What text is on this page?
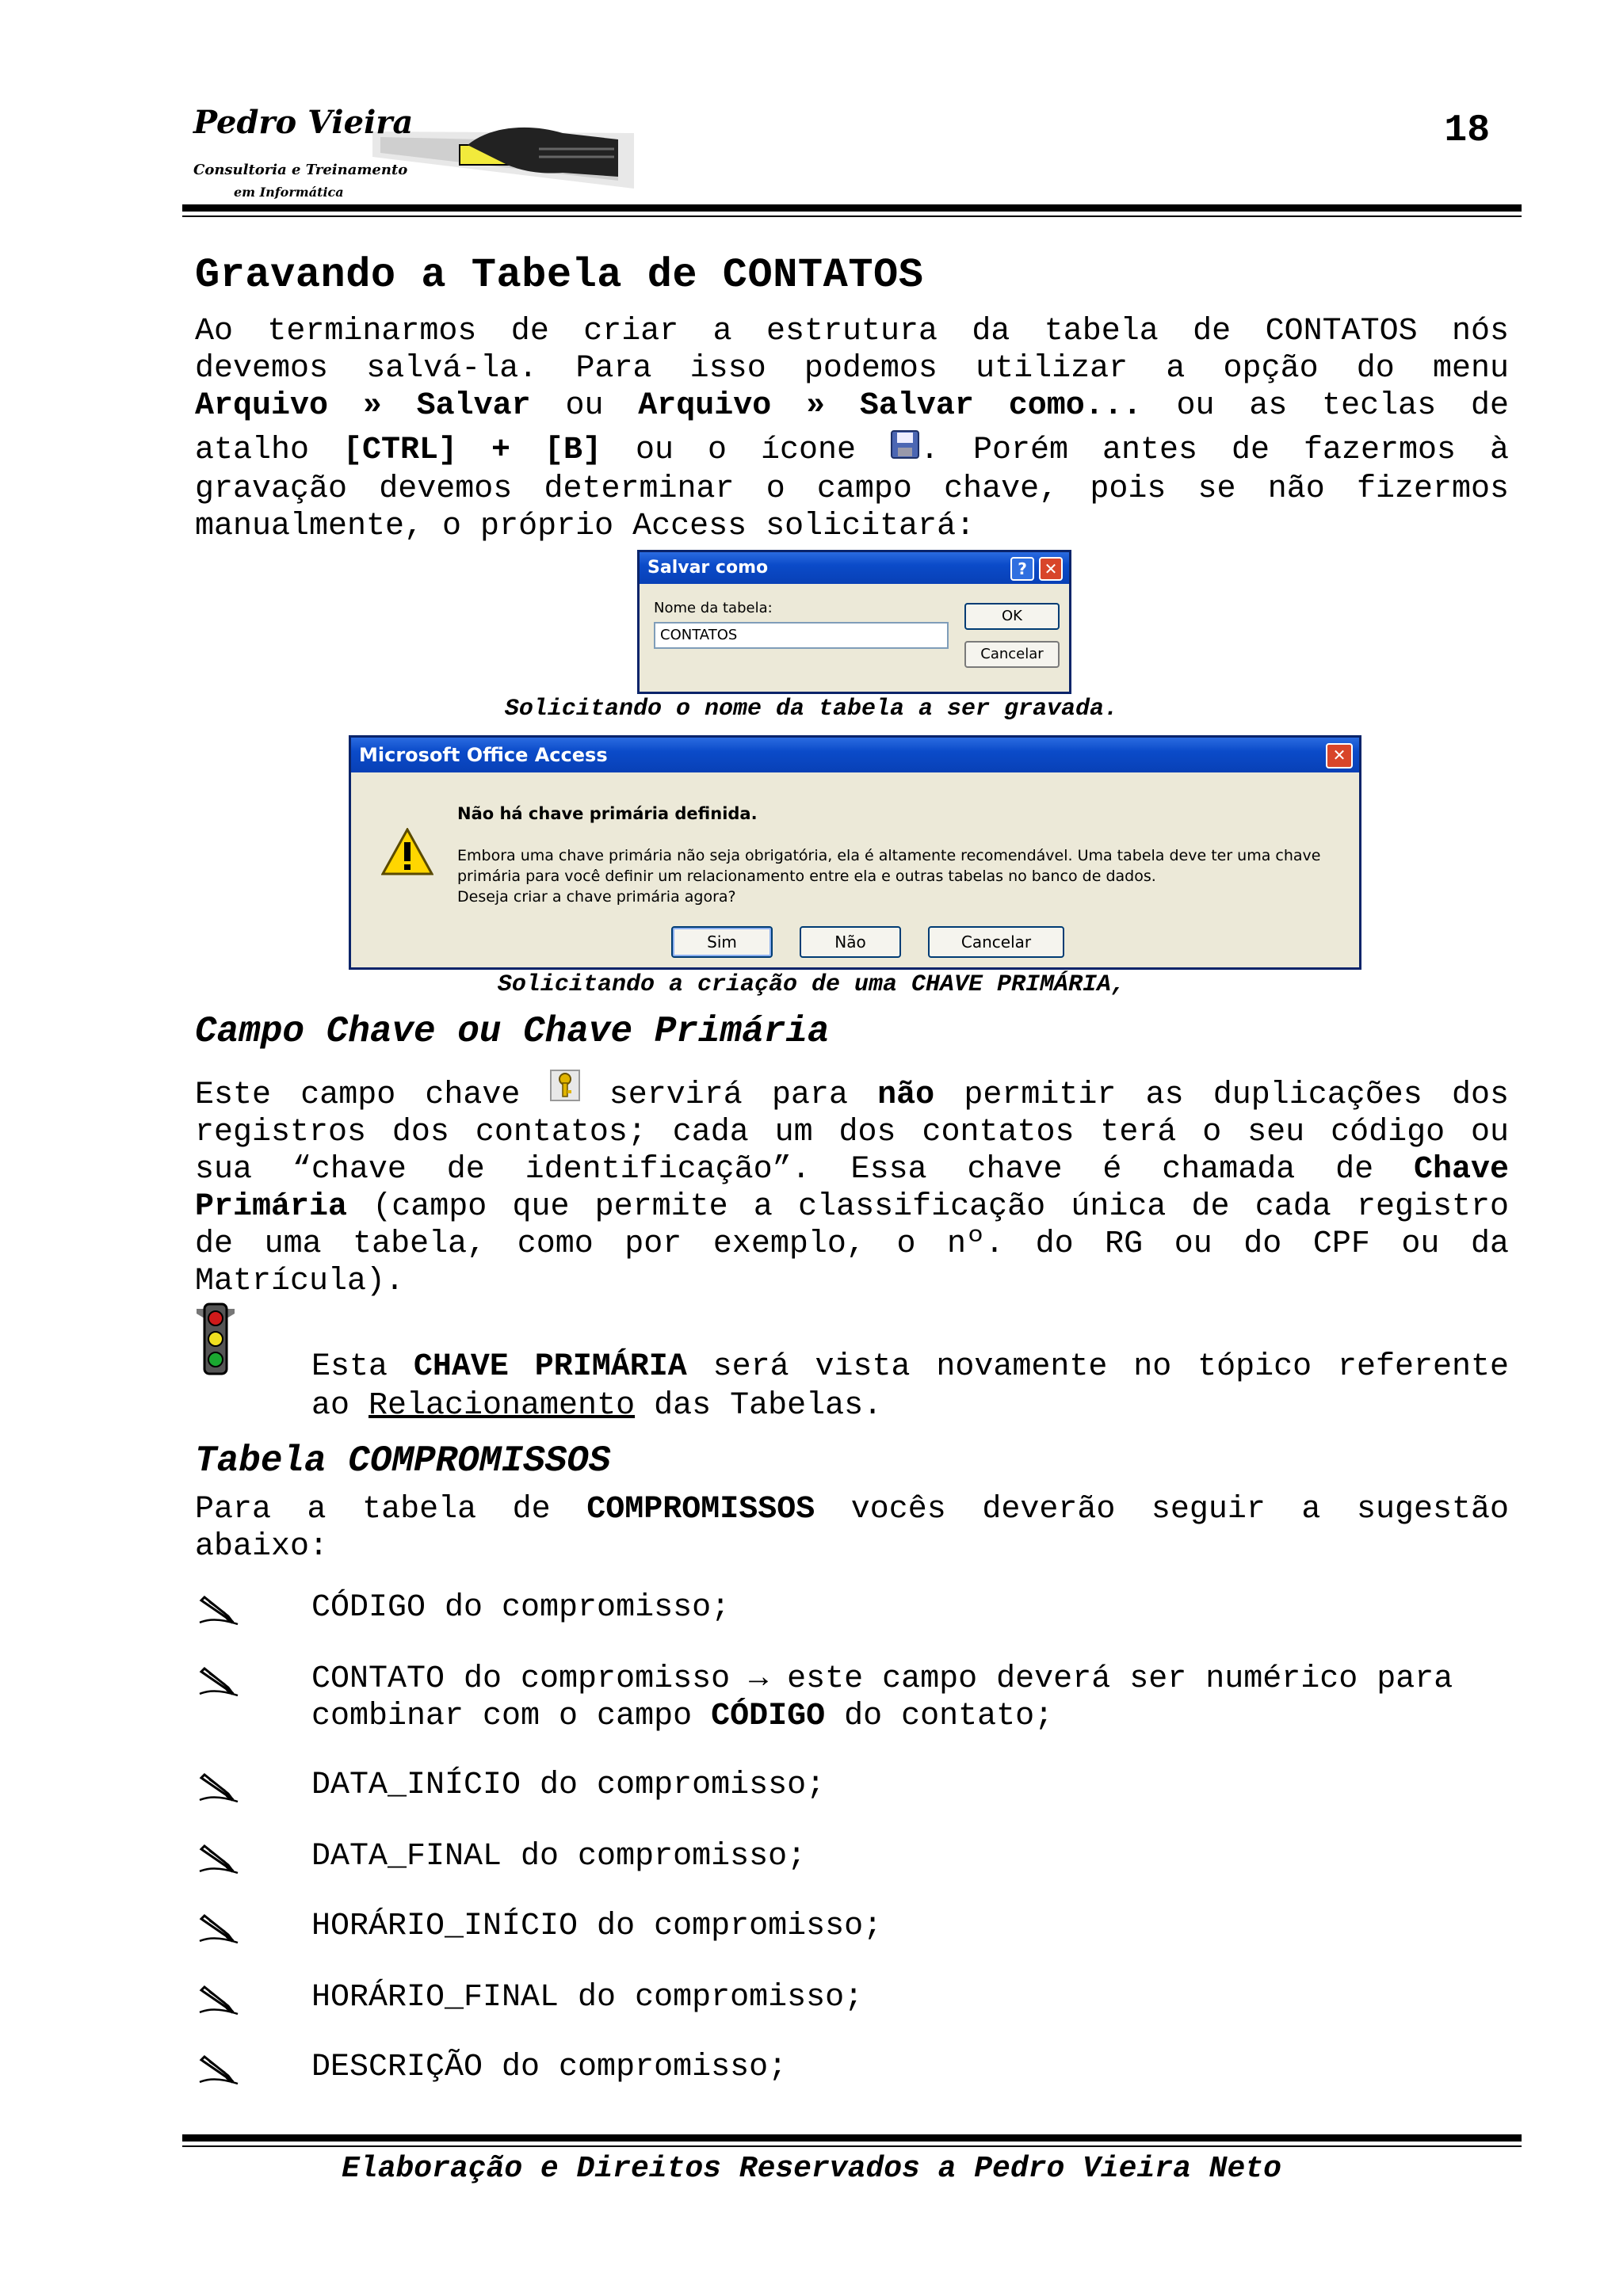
Pedro Vieira
Consultoria e Treinamento
em Informática
18
Gravando a Tabela de CONTATOS
Ao terminarmos de criar a estrutura da tabela de CONTATOS nós
devemos salvá-la. Para isso podemos utilizar a opção do menu
Arquivo » Salvar ou Arquivo » Salvar como... ou as teclas de
atalho [CTRL] + [B] ou o ícone . Porém antes de fazermos à
gravação devemos determinar o campo chave, pois se não fizermos
manualmente, o próprio Access solicitará:
Salvar como	?	✕
Nome da tabela:
CONTATOS
OK
Cancelar
Solicitando o nome da tabela a ser gravada.
Microsoft Office Access	✕
Não há chave primária definida.
Embora uma chave primária não seja obrigatória, ela é altamente recomendável. Uma tabela deve ter uma chave
primária para você definir um relacionamento entre ela e outras tabelas no banco de dados.
Deseja criar a chave primária agora?
Sim	Não	Cancelar
Solicitando a criação de uma CHAVE PRIMÁRIA,
Campo Chave ou Chave Primária
Este campo chave  servirá para não permitir as duplicações dos
registros dos contatos; cada um dos contatos terá o seu código ou
sua “chave de identificação”. Essa chave é chamada de Chave
Primária (campo que permite a classificação única de cada registro
de uma tabela, como por exemplo, o nº. do RG ou do CPF ou da
Matrícula).
Esta CHAVE PRIMÁRIA será vista novamente no tópico referente
ao Relacionamento das Tabelas.
Tabela COMPROMISSOS
Para a tabela de COMPROMISSOS vocês deverão seguir a sugestão
abaixo:
CÓDIGO do compromisso;
CONTATO do compromisso → este campo deverá ser numérico para
combinar com o campo CÓDIGO do contato;
DATA_INÍCIO do compromisso;
DATA_FINAL do compromisso;
HORÁRIO_INÍCIO do compromisso;
HORÁRIO_FINAL do compromisso;
DESCRIÇÃO do compromisso;
Elaboração e Direitos Reservados a Pedro Vieira Neto
